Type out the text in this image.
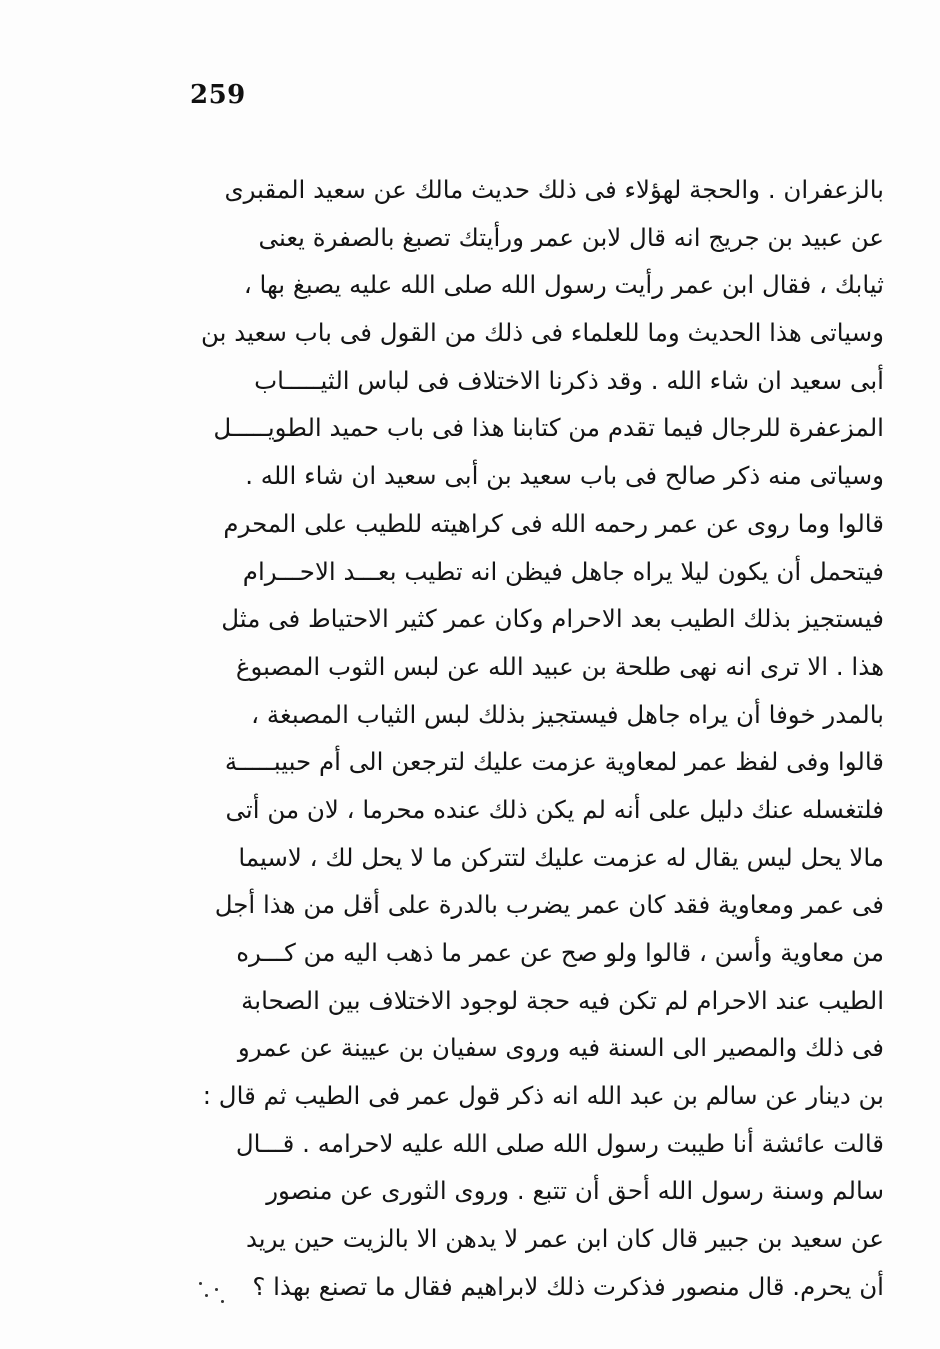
259
بالزعفران . والحجة لهؤلاء فى ذلك حديث مالك عن سعيد المقبرى
عن عبيد بن جريج انه قال لابن عمر ورأيتك تصبغ بالصفرة يعنى
ثيابك ، فقال ابن عمر رأيت رسول الله صلى الله عليه يصبغ بها ،
وسياتى هذا الحديث وما للعلماء فى ذلك من القول فى باب سعيد بن
أبى سعيد ان شاء الله . وقد ذكرنا الاختلاف فى لباس الثيـــــاب
المزعفرة للرجال فيما تقدم من كتابنا هذا فى باب حميد الطويـــــل
وسياتى منه ذكر صالح فى باب سعيد بن أبى سعيد ان شاء الله .
قالوا وما روى عن عمر رحمه الله فى كراهيته للطيب على المحرم
فيتحمل أن يكون ليلا يراه جاهل فيظن انه تطيب بعـــد الاحـــرام
فيستجيز بذلك الطيب بعد الاحرام وكان عمر كثير الاحتياط فى مثل
هذا . الا ترى انه نهى طلحة بن عبيد الله عن لبس الثوب المصبوغ
بالمدر خوفا أن يراه جاهل فيستجيز بذلك لبس الثياب المصبغة ،
قالوا وفى لفظ عمر لمعاوية عزمت عليك لترجعن الى أم حبيبـــــة
فلتغسله عنك دليل على أنه لم يكن ذلك عنده محرما ، لان من أتى
مالا يحل ليس يقال له عزمت عليك لتتركن ما لا يحل لك ، لاسيما
فى عمر ومعاوية فقد كان عمر يضرب بالدرة على أقل من هذا أجل
من معاوية وأسن ، قالوا ولو صح عن عمر ما ذهب اليه من كـــره
الطيب عند الاحرام لم تكن فيه حجة لوجود الاختلاف بين الصحابة
فى ذلك والمصير الى السنة فيه وروى سفيان بن عيينة عن عمرو
بن دينار عن سالم بن عبد الله انه ذكر قول عمر فى الطيب ثم قال :
قالت عائشة أنا طيبت رسول الله صلى الله عليه لاحرامه . قـــال
سالم وسنة رسول الله أحق أن تتبع . وروى الثورى عن منصور
عن سعيد بن جبير قال كان ابن عمر لا يدهن الا بالزيت حين يريد
أن يحرم. قال منصور فذكرت ذلك لابراهيم فقال ما تصنع بهذا ؟
